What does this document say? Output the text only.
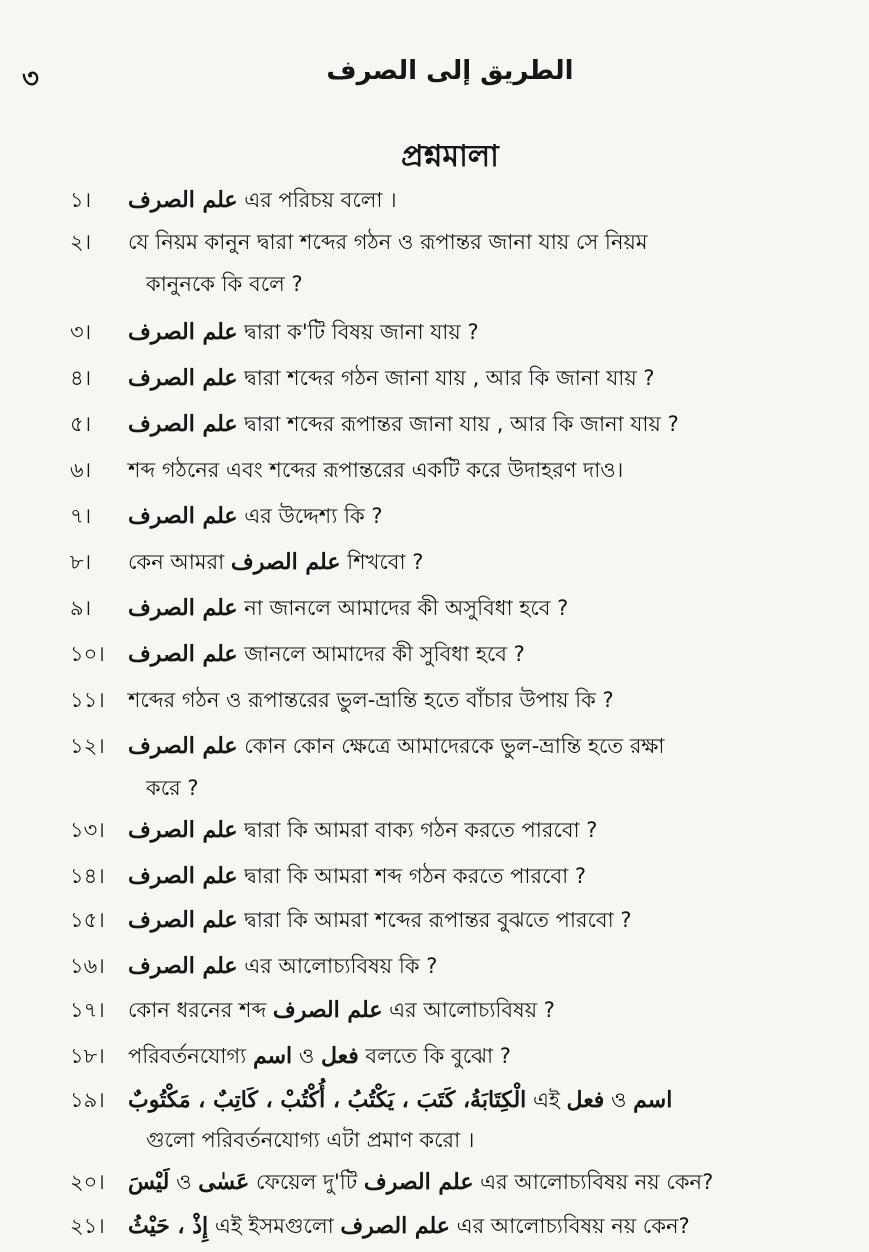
৩	الطريق إلى الصرف
প্রশ্নমালা
১। علم الصرف এর পরিচয় বলো ।
২। যে নিয়ম কানুন দ্বারা শব্দের গঠন ও রূপান্তর জানা যায় সে নিয়ম
কানুনকে কি বলে ?
৩। علم الصرف দ্বারা ক'টি বিষয় জানা যায় ?
৪। علم الصرف দ্বারা শব্দের গঠন জানা যায় , আর কি জানা যায় ?
৫। علم الصرف দ্বারা শব্দের রূপান্তর জানা যায় , আর কি জানা যায় ?
৬। শব্দ গঠনের এবং শব্দের রূপান্তরের একটি করে উদাহরণ দাও।
৭। علم الصرف এর উদ্দেশ্য কি ?
৮। কেন আমরা علم الصرف শিখবো ?
৯। علم الصرف না জানলে আমাদের কী অসুবিধা হবে ?
১০। علم الصرف জানলে আমাদের কী সুবিধা হবে ?
১১। শব্দের গঠন ও রূপান্তরের ভুল-ভ্রান্তি হতে বাঁচার উপায় কি ?
১২। علم الصرف কোন কোন ক্ষেত্রে আমাদেরকে ভুল-ভ্রান্তি হতে রক্ষা
করে ?
১৩। علم الصرف দ্বারা কি আমরা বাক্য গঠন করতে পারবো ?
১৪। علم الصرف দ্বারা কি আমরা শব্দ গঠন করতে পারবো ?
১৫। علم الصرف দ্বারা কি আমরা শব্দের রূপান্তর বুঝতে পারবো ?
১৬। علم الصرف এর আলোচ্যবিষয় কি ?
১৭। কোন ধরনের শব্দ علم الصرف এর আলোচ্যবিষয় ?
১৮। পরিবর্তনযোগ্য اسم ও فعل বলতে কি বুঝো ?
১৯। الْكِتَابَةُ، كَتَبَ ، يَكْتُبُ ، أُكْتُبْ ، كَاتِبٌ ، مَكْتُوبٌ এই فعل ও اسم
গুলো পরিবর্তনযোগ্য এটা প্রমাণ করো ।
২০। لَيْسَ ও عَسٰى ফেয়েল দু'টি علم الصرف এর আলোচ্যবিষয় নয় কেন?
২১। إِذْ ، حَيْثُ এই ইসমগুলো علم الصرف এর আলোচ্যবিষয় নয় কেন?
